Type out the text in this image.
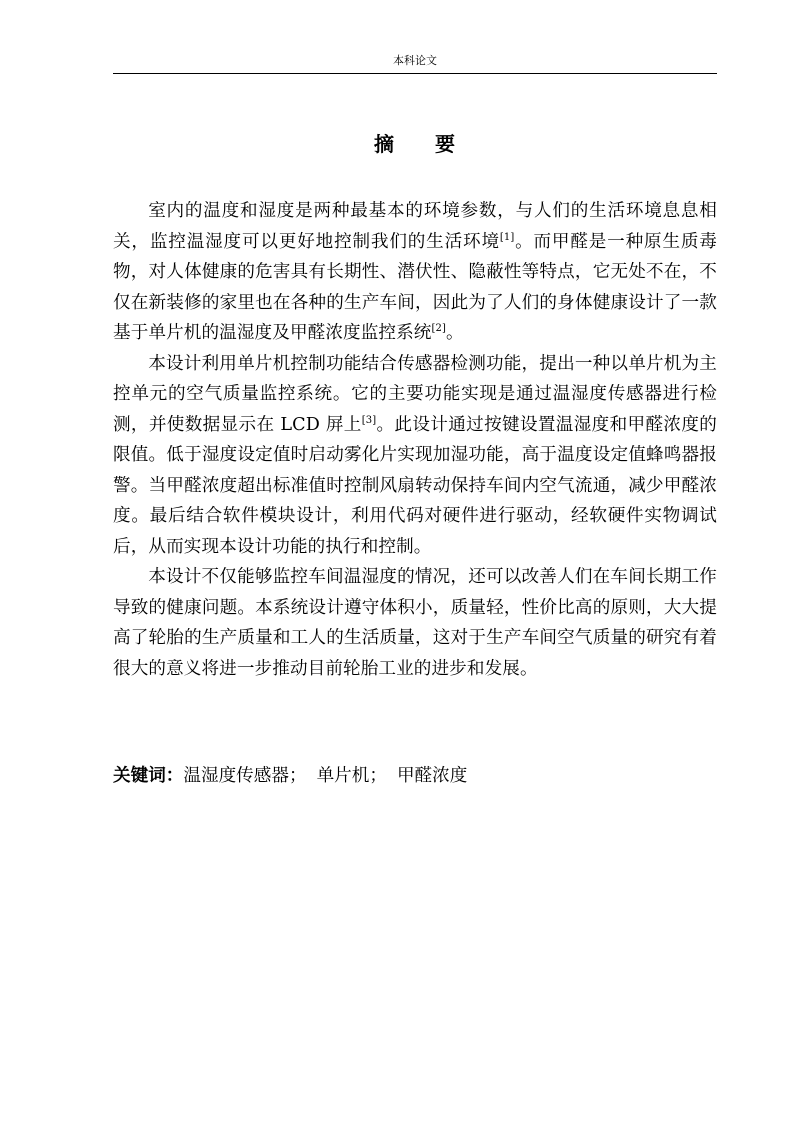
本科论文
摘 要

室内的温度和湿度是两种最基本的环境参数，与人们的生活环境息息相关，监控温湿度可以更好地控制我们的生活环境[1]。而甲醛是一种原生质毒物，对人体健康的危害具有长期性、潜伏性、隐蔽性等特点，它无处不在，不仅在新装修的家里也在各种的生产车间，因此为了人们的身体健康设计了一款基于单片机的温湿度及甲醛浓度监控系统[2]。

本设计利用单片机控制功能结合传感器检测功能，提出一种以单片机为主控单元的空气质量监控系统。它的主要功能实现是通过温湿度传感器进行检测，并使数据显示在 LCD 屏上[3]。此设计通过按键设置温湿度和甲醛浓度的限值。低于湿度设定值时启动雾化片实现加湿功能，高于温度设定值蜂鸣器报警。当甲醛浓度超出标准值时控制风扇转动保持车间内空气流通，减少甲醛浓度。最后结合软件模块设计，利用代码对硬件进行驱动，经软硬件实物调试后，从而实现本设计功能的执行和控制。

本设计不仅能够监控车间温湿度的情况，还可以改善人们在车间长期工作导致的健康问题。本系统设计遵守体积小，质量轻，性价比高的原则，大大提高了轮胎的生产质量和工人的生活质量，这对于生产车间空气质量的研究有着很大的意义将进一步推动目前轮胎工业的进步和发展。

关键词：温湿度传感器； 单片机； 甲醛浓度
